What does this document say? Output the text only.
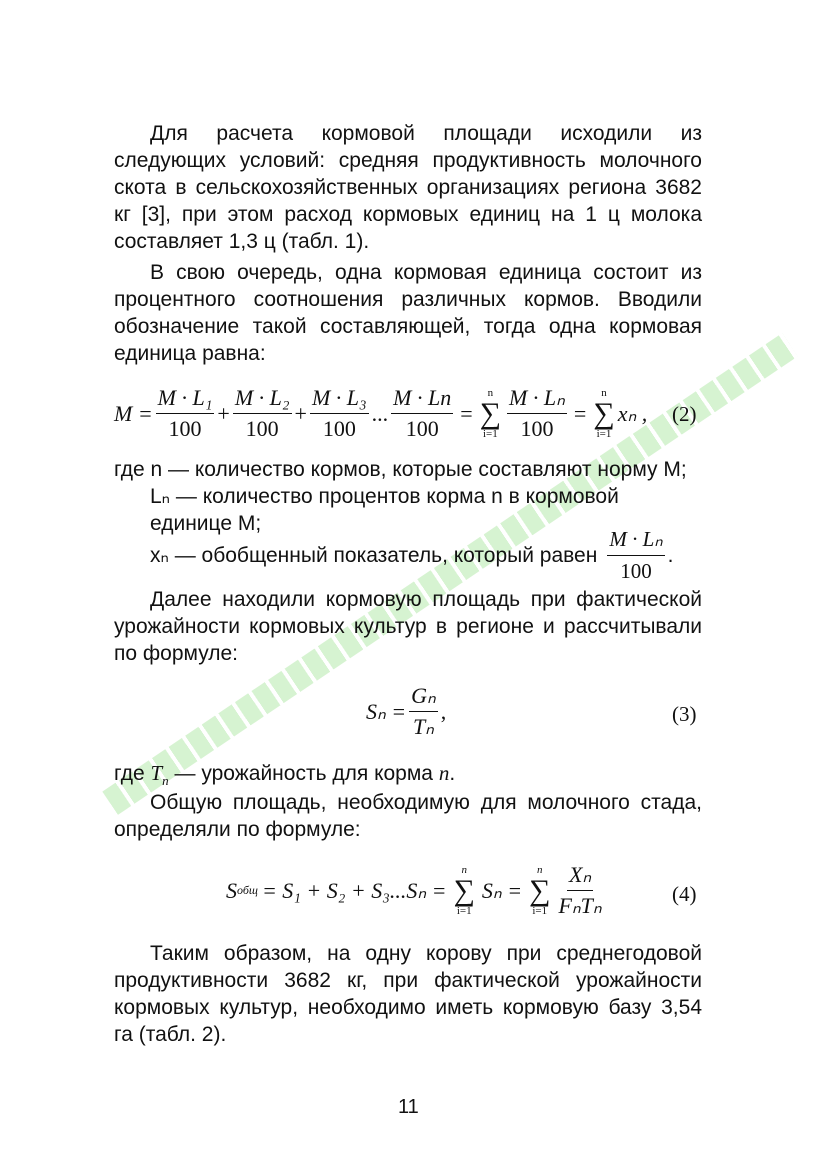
Для расчета кормовой площади исходили из следующих условий: средняя продуктивность молочного скота в сельскохозяйственных организациях региона 3682 кг [3], при этом расход кормовых единиц на 1 ц молока составляет 1,3 ц (табл. 1).

В свою очередь, одна кормовая единица состоит из процентного соотношения различных кормов. Вводили обозначение такой составляющей, тогда одна кормовая единица равна:

$M = \frac{\text{M · L₁}}{100} + \frac{\text{M · L₂}}{100} + \frac{\text{M · L₃}}{100}$ ... $\frac{M \cdot Ln}{100}$ =
n
∑
$i=1 \frac{\text{M · Lₙ}}{100}$ =
n
∑
i=1
xₙ , (2)

где n — количество кормов, которые составляют норму М;

Lₙ — количество процентов корма n в кормовой единице М;

xₙ — обобщенный показатель, который равен $\frac{\text{M · Lₙ}}{100}$ .

Далее находили кормовую площадь при фактической урожайности кормовых культур в регионе и рассчитывали по формуле:

$S_n = \frac{\text{Gₙ}}{\text{Tₙ}}$ ,	(3)

где $T_n$ — урожайность для корма n.

Общую площадь, необходимую для молочного стада, определяли по формуле:

S общ = S₁ + S₂ + S₃...Sₙ =
n
∑
i=1
Sₙ =
n
∑
$i=1 \frac{\text{Xₙ}}{\text{FₙTₙ}}$	(4)

Таким образом, на одну корову при среднегодовой продуктивности 3682 кг, при фактической урожайности кормовых культур, необходимо иметь кормовую базу 3,54 га (табл. 2).

11
